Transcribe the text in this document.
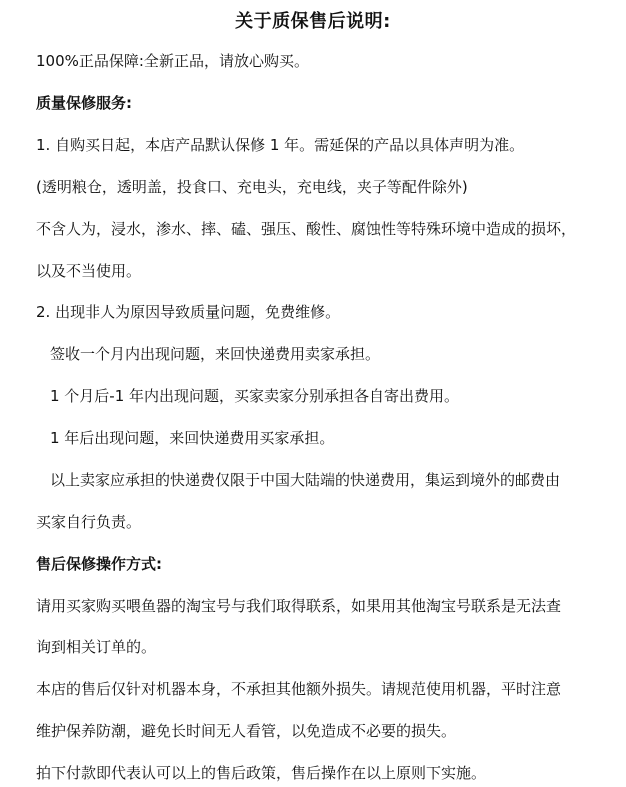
关于质保售后说明:
100%正品保障:全新正品，请放心购买。
质量保修服务:
1. 自购买日起，本店产品默认保修 1 年。需延保的产品以具体声明为准。
(透明粮仓，透明盖，投食口、充电头，充电线，夹子等配件除外)
不含人为，浸水，渗水、摔、磕、强压、酸性、腐蚀性等特殊环境中造成的损坏，
以及不当使用。
2. 出现非人为原因导致质量问题，免费维修。
签收一个月内出现问题，来回快递费用卖家承担。
1 个月后-1 年内出现问题，买家卖家分别承担各自寄出费用。
1 年后出现问题，来回快递费用买家承担。
以上卖家应承担的快递费仅限于中国大陆端的快递费用，集运到境外的邮费由
买家自行负责。
售后保修操作方式:
请用买家购买喂鱼器的淘宝号与我们取得联系，如果用其他淘宝号联系是无法查
询到相关订单的。
本店的售后仅针对机器本身，不承担其他额外损失。请规范使用机器，平时注意
维护保养防潮，避免长时间无人看管，以免造成不必要的损失。
拍下付款即代表认可以上的售后政策，售后操作在以上原则下实施。
